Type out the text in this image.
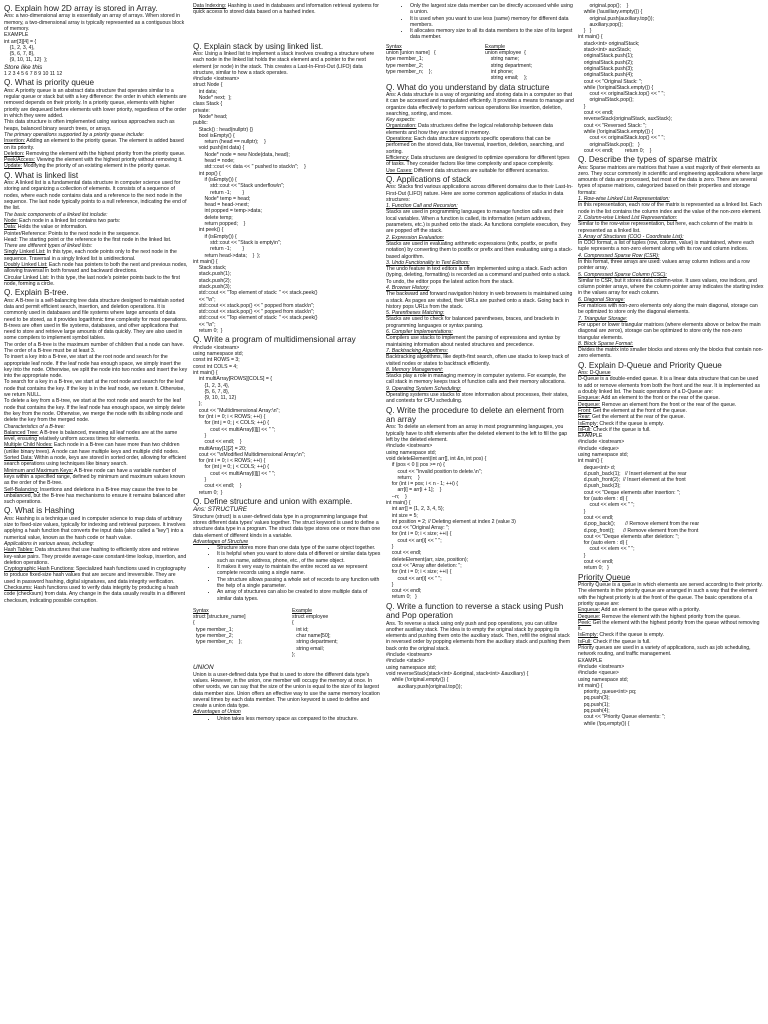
Q. Explain how 2D array is stored in Array.
Ans: a two-dimensional array is essentially an array of arrays. When stored in memory, a two-dimensional array is typically represented as a contiguous block of memory.
EXAMPLE
int arr[3][4] = {
{1, 2, 3, 4},
{5, 6, 7, 8},
{9, 10, 11, 12}  };
Store like this
1 2 3 4 5 6 7 8 9 10 11 12
Q. What is priority queue
Ans: A priority queue is an abstract data structure that operates similar to a regular queue or stack but with a key difference: the order in which elements are removed depends on their priority. In a priority queue, elements with higher priority are dequeued before elements with lower priority, regardless of the order in which they were added.
This data structure is often implemented using various approaches such as heaps, balanced binary search trees, or arrays.
The primary operations supported by a priority queue include:
Insertion: Adding an element to the priority queue. The element is added based on its priority.
Deletion: Removing the element with the highest priority from the priority queue.
Peek/Access: Viewing the element with the highest priority without removing it.
Update: Modifying the priority of an existing element in the priority queue.
Q. What is linked list
Ans: A linked list is a fundamental data structure in computer science used for storing and organizing a collection of elements. It consists of a sequence of nodes, where each node contains data and a reference to the next node in the sequence. The last node typically points to a null reference, indicating the end of the list.
The basic components of a linked list include:
Node: Each node in a linked list contains two parts:
Data: Holds the value or information.
Pointer/Reference: Points to the next node in the sequence.
Head: The starting point or the reference to the first node in the linked list.
There are different types of linked lists:
Singly Linked List: In this type, each node points only to the next node in the sequence. Traversal in a singly linked list is unidirectional.
Doubly Linked List: Each node has pointers to both the next and previous nodes, allowing traversal in both forward and backward directions.
Circular Linked List: In this type, the last node's pointer points back to the first node, forming a circle.
Q. Explain B-tree.
Ans: A B-tree is a self-balancing tree data structure designed to maintain sorted data and permit efficient search, insertion, and deletion operations. It is commonly used in databases and file systems where large amounts of data need to be stored, as it provides logarithmic time complexity for most operations.
B-trees are often used in file systems, databases, and other applications that need to store and retrieve large amounts of data quickly. They are also used in some compilers to implement symbol tables.
The order of a B-tree is the maximum number of children that a node can have. The order of a B-tree must be at least 3.
To insert a key into a B-tree, we start at the root node and search for the appropriate leaf node. If the leaf node has enough space, we simply insert the key into the node. Otherwise, we split the node into two nodes and insert the key into the appropriate node.
To search for a key in a B-tree, we start at the root node and search for the leaf node that contains the key. If the key is in the leaf node, we return it. Otherwise, we return NULL.
To delete a key from a B-tree, we start at the root node and search for the leaf node that contains the key. If the leaf node has enough space, we simply delete the key from the node. Otherwise, we merge the node with its sibling node and delete the key from the merged node.
Characteristics of a B-tree:
Balanced Tree: A B-tree is balanced, meaning all leaf nodes are at the same level, ensuring relatively uniform access times for elements.
Multiple Child Nodes: Each node in a B-tree can have more than two children (unlike binary trees). A node can have multiple keys and multiple child nodes.
Sorted Data: Within a node, keys are stored in sorted order, allowing for efficient search operations using techniques like binary search.
Minimum and Maximum Keys: A B-tree node can have a variable number of keys within a specified range, defined by minimum and maximum values known as the order of the B-tree.
Self-Balancing: Insertions and deletions in a B-tree may cause the tree to be unbalanced, but the B-tree has mechanisms to ensure it remains balanced after such operations.
Q. What is Hashing
Ans: Hashing is a technique used in computer science to map data of arbitrary size to fixed-size values, typically for indexing and retrieval purposes. It involves applying a hash function that converts the input data (also called a "key") into a numerical value, known as the hash code or hash value.
Applications in various areas, including:
Hash Tables: Data structures that use hashing to efficiently store and retrieve key-value pairs. They provide average-case constant-time lookup, insertion, and deletion operations.
Cryptographic Hash Functions: Specialized hash functions used in cryptography to produce fixed-size hash values that are secure and irreversible. They are used in password hashing, digital signatures, and data integrity verification.
Checksums: Hash functions used to verify data integrity by producing a hash code (checksum) from data. Any change in the data usually results in a different checksum, indicating possible corruption.
Data Indexing: Hashing is used in databases and information retrieval systems for quick access to stored data based on a hashed index.
Q. Explain stack by using linked list.
Ans: Using a linked list to implement a stack involves creating a structure where each node in the linked list holds the stack element and a pointer to the next element (or node) in the stack. This creates a Last-In-First-Out (LIFO) data structure, similar to how a stack operates.
#include <iostream>
struct Node {
int data;
Node* next;  };
class Stack {
private:
Node* head;
public:
Stack() : head(nullptr) {}
bool isEmpty() {
return (head == nullptr);    }
void push(int data) {
Node* node = new Node(data, head);
head = node;
std::cout << data << " pushed to stack\n";    }
int pop() {
if (isEmpty()) {
std::cout << "Stack underflow\n";
return -1;        }
Node* temp = head;
head = head->next;
int popped = temp->data;
delete temp;
return popped;    }
int peek() {
if (isEmpty()) {
std::cout << "Stack is empty\n";
return -1;        }
return head->data;    }  };
int main() {
Stack stack;
stack.push(1);
stack.push(2);
stack.push(3);
std::cout << "Top element of stack: " << stack.peek()
<< "\n";
std::cout << stack.pop() << " popped from stack\n";
std::cout << stack.pop() << " popped from stack\n";
std::cout << "Top element of stack: " << stack.peek()
<< "\n";
return 0;  }
Q. Write a program of multidimensional array
#include <iostream>
using namespace std;
const int ROWS = 3;
const int COLS = 4;
int main() {
int multiArray[ROWS][COLS] = {
{1, 2, 3, 4},
{5, 6, 7, 8},
{9, 10, 11, 12}
};
cout << "Multidimensional Array:\n";
for (int i = 0; i < ROWS; ++i) {
for (int j = 0; j < COLS; ++j) {
cout << multiArray[i][j] << " ";
}
cout << endl;    }
multiArray[1][2] = 20;
cout << "\nModified Multidimensional Array:\n";
for (int i = 0; i < ROWS; ++i) {
for (int j = 0; j < COLS; ++j) {
cout << multiArray[i][j] << " ";
}
cout << endl;    }
return 0;  }
Q. Define structure and union with example.
Ans: STRUCTURE
Structure (struct) is a user-defined data type in a programming language that stores different data types' values together. The struct keyword is used to define a structure data type in a program. The struct data type stores one or more than one data element of different kinds in a variable.
Advantages of Structure
• Structure stores more than one data type of the same object together.
• It is helpful when you want to store data of different or similar data types such as name, address, phone, etc., of the same object.
• It makes it very easy to maintain the entire record as we represent complete records using a single name.
• The structure allows passing a whole set of records to any function with the help of a single parameter.
• An array of structures can also be created to store multiple data of similar data types.
Syntax
struct [structure_name]
{
type member_1;
type member_2;
type member_n;    };
Example
struct employee
{
int id;
char name[50];
string department;
string email;
};
UNION
Union is a user-defined data type that is used to store the different data type's values. However, in the union, one member will occupy the memory at once. In other words, we can say that the size of the union is equal to the size of its largest data member size. Union offers an effective way to use the same memory location several times by each data member. The union keyword is used to define and create a union data type.
Advantages of Union
• Union takes less memory space as compared to the structure.
• Only the largest size data member can be directly accessed while using a union.
• It is used when you want to use less (same) memory for different data members.
• It allocates memory size to all its data members to the size of its largest data member.
Syntax
union [union name]   {
type member_1;
type member_2;
type member_n;    };
Example
union employee  {
string name;
string department;
int phone;
string email;    };
Q. What do you understand by data structure
Ans: A data structure is a way of organizing and storing data in a computer so that it can be accessed and manipulated efficiently. It provides a means to manage and organize data effectively to perform various operations like insertion, deletion, searching, sorting, and more.
Key aspects:
Organization: Data structures define the logical relationship between data elements and how they are stored in memory.
Operations: Each data structure supports specific operations that can be performed on the stored data, like traversal, insertion, deletion, searching, and sorting.
Efficiency: Data structures are designed to optimize operations for different types of tasks. They consider factors like time complexity and space complexity.
Use Cases: Different data structures are suitable for different scenarios.
Q. Applications of stack
Ans: Stacks find various applications across different domains due to their Last-In-First-Out (LIFO) nature. Here are some common applications of stacks in data structures:
1. Function Call and Recursion:
Stacks are used in programming languages to manage function calls and their local variables. When a function is called, its information (return address, parameters, etc.) is pushed onto the stack. As functions complete execution, they are popped off the stack.
2. Expression Evaluation:
Stacks are used in evaluating arithmetic expressions (infix, postfix, or prefix notation) by converting them to postfix or prefix and then evaluating using a stack-based algorithm.
3. Undo Functionality in Text Editors:
The undo feature in text editors is often implemented using a stack. Each action (typing, deleting, formatting) is recorded as a command and pushed onto a stack. To undo, the editor pops the latest action from the stack.
4. Browser History:
The backward and forward navigation history in web browsers is maintained using a stack. As pages are visited, their URLs are pushed onto a stack. Going back in history pops URLs from the stack.
5. Parentheses Matching:
Stacks are used to check for balanced parentheses, braces, and brackets in programming languages or syntax parsing.
6. Compiler Implementations:
Compilers use stacks to implement the parsing of expressions and syntax by maintaining information about nested structures and precedence.
7. Backtracking Algorithms:
Backtracking algorithms, like depth-first search, often use stacks to keep track of visited nodes or states to backtrack efficiently.
8. Memory Management:
Stacks play a role in managing memory in computer systems. For example, the call stack in memory keeps track of function calls and their memory allocations.
9. Operating System Scheduling:
Operating systems use stacks to store information about processes, their states, and contexts for CPU scheduling.
Q. Write the procedure to delete an element from an array
Ans: To delete an element from an array in most programming languages, you typically have to shift elements after the deleted element to the left to fill the gap left by the deleted element.
#include <iostream>
using namespace std;
void deleteElement(int arr[], int &n, int pos) {
if (pos < 0 || pos >= n) {
cout << "Invalid position to delete.\n";
return;    }
for (int i = pos; i < n - 1; ++i) {
arr[i] = arr[i + 1];    }
--n;    }
int main() {
int arr[] = {1, 2, 3, 4, 5};
int size = 5;
int position = 2; // Deleting element at index 2 (value 3)
cout << "Original Array: ";
for (int i = 0; i < size; ++i) {
cout << arr[i] << " ";
}
cout << endl;
deleteElement(arr, size, position);
cout << "Array after deletion: ";
for (int i = 0; i < size; ++i) {
cout << arr[i] << " ";
}
cout << endl;
return 0;   }
Q. Write a function to reverse a stack using Push and Pop operation
Ans. To reverse a stack using only push and pop operations, you can utilize another auxiliary stack. The idea is to empty the original stack by popping its elements and pushing them onto the auxiliary stack. Then, refill the original stack in reversed order by popping elements from the auxiliary stack and pushing them back onto the original stack.
#include <iostream>
#include <stack>
using namespace std;
void reverseStack(stack<int> &original, stack<int> &auxiliary) {
while (!original.empty()) {
auxiliary.push(original.top());
original.pop();    }
while (!auxiliary.empty()) {
original.push(auxiliary.top());
auxiliary.pop();
}   }
int main() {
stack<int> originalStack;
stack<int> auxStack;
originalStack.push(1);
originalStack.push(2);
originalStack.push(3);
originalStack.push(4);
cout << "Original Stack: ";
while (!originalStack.empty()) {
cout << originalStack.top() << " ";
originalStack.pop();
}
cout << endl;
reverseStack(originalStack, auxStack);
cout << "Reversed Stack: ";
while (!originalStack.empty()) {
cout << originalStack.top() << " ";
originalStack.pop();   }
cout << endl;        return 0;    }
Q. Describe the types of sparse matrix
Ans: Sparse matrices are matrices that have a vast majority of their elements as zero. They occur commonly in scientific and engineering applications where large amounts of data are processed, but most of the data is zero. There are several types of sparse matrices, categorized based on their properties and storage formats:
1. Row-wise Linked List Representation:
In this representation, each row of the matrix is represented as a linked list. Each node in the list contains the column index and the value of the non-zero element.
2. Column-wise Linked List Representation:
Similar to the row-wise representation, but here, each column of the matrix is represented as a linked list.
3. Array of Structures (COO - Coordinate List):
In COO format, a list of tuples (row, column, value) is maintained, where each tuple represents a non-zero element along with its row and column indices.
4. Compressed Sparse Row (CSR):
In this format, three arrays are used: values array column indices and a row pointer array.
5. Compressed Sparse Column (CSC):
Similar to CSR, but it stores data column-wise. It uses values, row indices, and column pointer arrays, where the column pointer array indicates the starting index in the values array for each column.
6. Diagonal Storage:
For matrices with non-zero elements only along the main diagonal, storage can be optimized to store only the diagonal elements.
7. Triangular Storage:
For upper or lower triangular matrices (where elements above or below the main diagonal are zeros), storage can be optimized to store only the non-zero triangular elements.
8. Block Sparse Format:
Divides the matrix into smaller blocks and stores only the blocks that contain non-zero elements.
Q. Explain D-Queue and Priority Queue
Ans: D-Queue
D-Queue is a double-ended queue. It is a linear data structure that can be used to add or remove elements from both the front and the rear. It is implemented as a doubly linked list. The basic operations of a D-Queue are:
Enqueue: Add an element to the front or the rear of the queue.
Dequeue: Remove an element from the front or the rear of the queue.
Front: Get the element at the front of the queue.
Rear: Get the element at the rear of the queue.
IsEmpty: Check if the queue is empty.
IsFull: Check if the queue is full.
EXAMPLE
#include <iostream>
#include <deque>
using namespace std;
int main() {
deque<int> d;
d.push_back(1);   // Insert element at the rear
d.push_front(2);  // Insert element at the front
d.push_back(3);
cout << "Deque elements after insertion: ";
for (auto elem : d) {
cout << elem << " ";
}
cout << endl;
d.pop_back();       // Remove element from the rear
d.pop_front();      // Remove element from the front
cout << "Deque elements after deletion: ";
for (auto elem : d) {
cout << elem << " ";
}
cout << endl;
return 0;   }
Priority Queue
Priority Queue is a queue in which elements are served according to their priority. The elements in the priority queue are arranged in such a way that the element with the highest priority is at the front of the queue. The basic operations of a priority queue are:
Enqueue: Add an element to the queue with a priority.
Dequeue: Remove the element with the highest priority from the queue.
Peek: Get the element with the highest priority from the queue without removing it.
IsEmpty: Check if the queue is empty.
IsFull: Check if the queue is full.
Priority queues are used in a variety of applications, such as job scheduling, network routing, and traffic management.
EXAMPLE
#include <iostream>
#include <queue>
using namespace std;
int main() {
priority_queue<int> pq;
pq.push(3);
pq.push(1);
pq.push(4);
cout << "Priority Queue elements: ";
while (!pq.empty()) {
